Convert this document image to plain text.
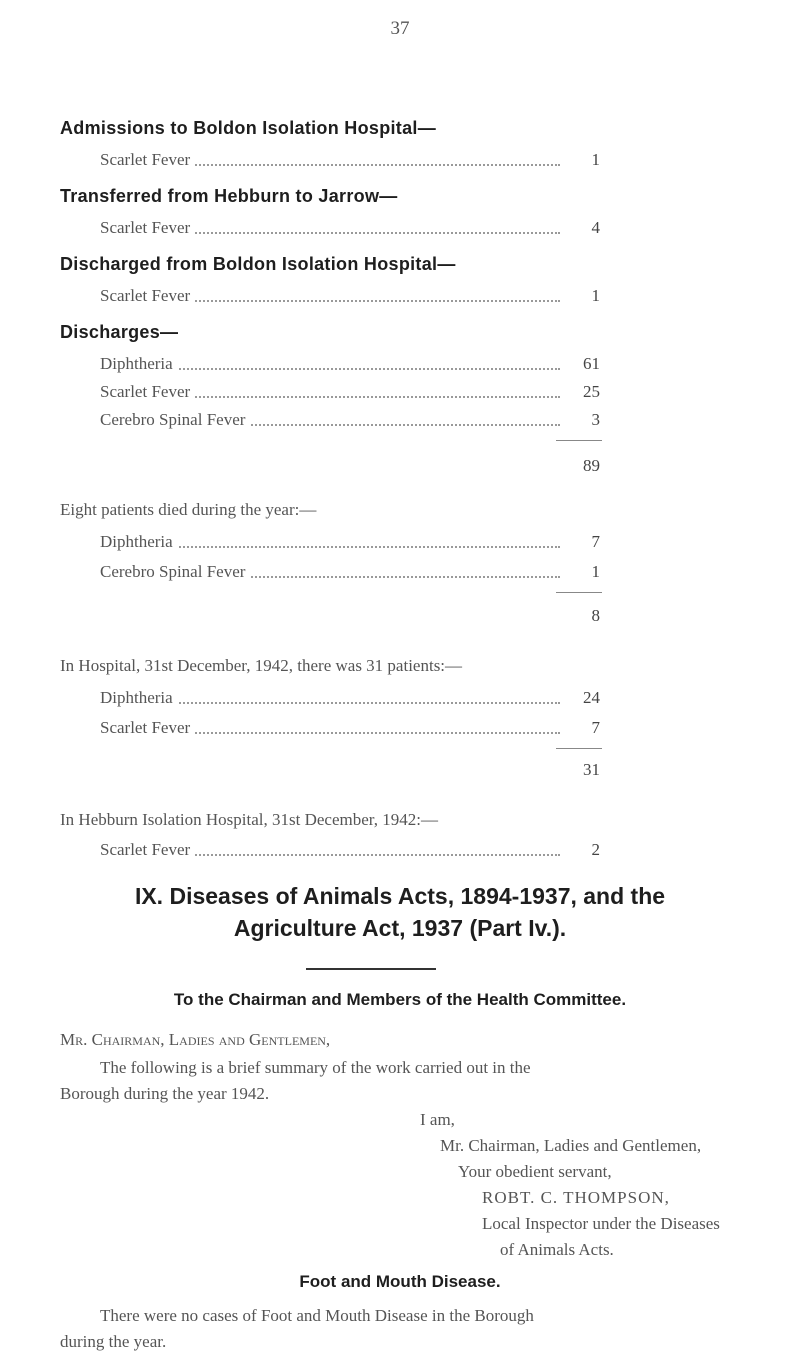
37
Admissions to Boldon Isolation Hospital—
Scarlet Fever	1
Transferred from Hebburn to Jarrow—
Scarlet Fever	4
Discharged from Boldon Isolation Hospital—
Scarlet Fever	1
Discharges—
Diphtheria	61
Scarlet Fever	25
Cerebro Spinal Fever	3
89
Eight patients died during the year:—
Diphtheria	7
Cerebro Spinal Fever	1
8
In Hospital, 31st December, 1942, there was 31 patients:—
Diphtheria	24
Scarlet Fever	7
31
In Hebburn Isolation Hospital, 31st December, 1942:—
Scarlet Fever	2
IX. Diseases of Animals Acts, 1894-1937, and the
Agriculture Act, 1937 (Part Iv.).
To the Chairman and Members of the Health Committee.
Mr. Chairman, Ladies and Gentlemen,
The following is a brief summary of the work carried out in the
Borough during the year 1942.
I am,
Mr. Chairman, Ladies and Gentlemen,
Your obedient servant,
ROBT. C. THOMPSON,
Local Inspector under the Diseases
of Animals Acts.
Foot and Mouth Disease.
There were no cases of Foot and Mouth Disease in the Borough
during the year.
